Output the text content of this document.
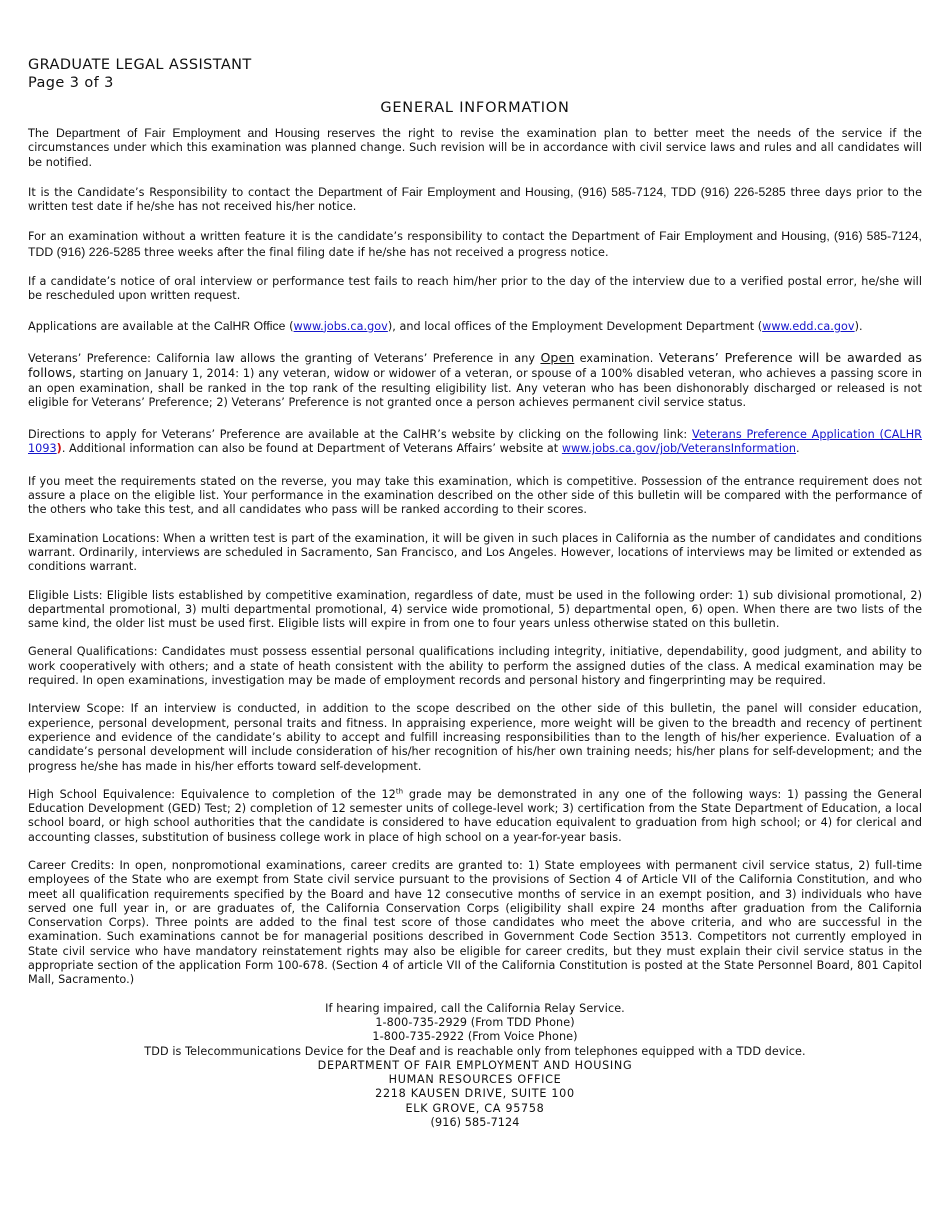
GRADUATE LEGAL ASSISTANT
Page 3 of 3
GENERAL INFORMATION

The Department of Fair Employment and Housing reserves the right to revise the examination plan to better meet the needs of the service if the circumstances under which this examination was planned change. Such revision will be in accordance with civil service laws and rules and all candidates will be notified.

It is the Candidate’s Responsibility to contact the Department of Fair Employment and Housing, (916) 585-7124, TDD (916) 226-5285 three days prior to the written test date if he/she has not received his/her notice.

For an examination without a written feature it is the candidate’s responsibility to contact the Department of Fair Employment and Housing, (916) 585-7124, TDD (916) 226-5285 three weeks after the final filing date if he/she has not received a progress notice.

If a candidate’s notice of oral interview or performance test fails to reach him/her prior to the day of the interview due to a verified postal error, he/she will be rescheduled upon written request.

Applications are available at the CalHR Office (www.jobs.ca.gov), and local offices of the Employment Development Department (www.edd.ca.gov).

Veterans’ Preference: California law allows the granting of Veterans’ Preference in any Open examination. Veterans’ Preference will be awarded as follows, starting on January 1, 2014: 1) any veteran, widow or widower of a veteran, or spouse of a 100% disabled veteran, who achieves a passing score in an open examination, shall be ranked in the top rank of the resulting eligibility list. Any veteran who has been dishonorably discharged or released is not eligible for Veterans’ Preference; 2) Veterans’ Preference is not granted once a person achieves permanent civil service status.

Directions to apply for Veterans’ Preference are available at the CalHR’s website by clicking on the following link: Veterans Preference Application (CALHR 1093). Additional information can also be found at Department of Veterans Affairs’ website at www.jobs.ca.gov/job/VeteransInformation.

If you meet the requirements stated on the reverse, you may take this examination, which is competitive. Possession of the entrance requirement does not assure a place on the eligible list. Your performance in the examination described on the other side of this bulletin will be compared with the performance of the others who take this test, and all candidates who pass will be ranked according to their scores.

Examination Locations: When a written test is part of the examination, it will be given in such places in California as the number of candidates and conditions warrant. Ordinarily, interviews are scheduled in Sacramento, San Francisco, and Los Angeles. However, locations of interviews may be limited or extended as conditions warrant.

Eligible Lists: Eligible lists established by competitive examination, regardless of date, must be used in the following order: 1) sub divisional promotional, 2) departmental promotional, 3) multi departmental promotional, 4) service wide promotional, 5) departmental open, 6) open. When there are two lists of the same kind, the older list must be used first. Eligible lists will expire in from one to four years unless otherwise stated on this bulletin.

General Qualifications: Candidates must possess essential personal qualifications including integrity, initiative, dependability, good judgment, and ability to work cooperatively with others; and a state of heath consistent with the ability to perform the assigned duties of the class. A medical examination may be required. In open examinations, investigation may be made of employment records and personal history and fingerprinting may be required.

Interview Scope: If an interview is conducted, in addition to the scope described on the other side of this bulletin, the panel will consider education, experience, personal development, personal traits and fitness. In appraising experience, more weight will be given to the breadth and recency of pertinent experience and evidence of the candidate’s ability to accept and fulfill increasing responsibilities than to the length of his/her experience. Evaluation of a candidate’s personal development will include consideration of his/her recognition of his/her own training needs; his/her plans for self-development; and the progress he/she has made in his/her efforts toward self-development.

High School Equivalence: Equivalence to completion of the 12th grade may be demonstrated in any one of the following ways: 1) passing the General Education Development (GED) Test; 2) completion of 12 semester units of college-level work; 3) certification from the State Department of Education, a local school board, or high school authorities that the candidate is considered to have education equivalent to graduation from high school; or 4) for clerical and accounting classes, substitution of business college work in place of high school on a year-for-year basis.

Career Credits: In open, nonpromotional examinations, career credits are granted to: 1) State employees with permanent civil service status, 2) full-time employees of the State who are exempt from State civil service pursuant to the provisions of Section 4 of Article VII of the California Constitution, and who meet all qualification requirements specified by the Board and have 12 consecutive months of service in an exempt position, and 3) individuals who have served one full year in, or are graduates of, the California Conservation Corps (eligibility shall expire 24 months after graduation from the California Conservation Corps). Three points are added to the final test score of those candidates who meet the above criteria, and who are successful in the examination. Such examinations cannot be for managerial positions described in Government Code Section 3513. Competitors not currently employed in State civil service who have mandatory reinstatement rights may also be eligible for career credits, but they must explain their civil service status in the appropriate section of the application Form 100-678. (Section 4 of article VII of the California Constitution is posted at the State Personnel Board, 801 Capitol Mall, Sacramento.)

If hearing impaired, call the California Relay Service.
1-800-735-2929 (From TDD Phone)
1-800-735-2922 (From Voice Phone)
TDD is Telecommunications Device for the Deaf and is reachable only from telephones equipped with a TDD device.
DEPARTMENT OF FAIR EMPLOYMENT AND HOUSING
HUMAN RESOURCES OFFICE
2218 KAUSEN DRIVE, SUITE 100
ELK GROVE, CA 95758
(916) 585-7124
